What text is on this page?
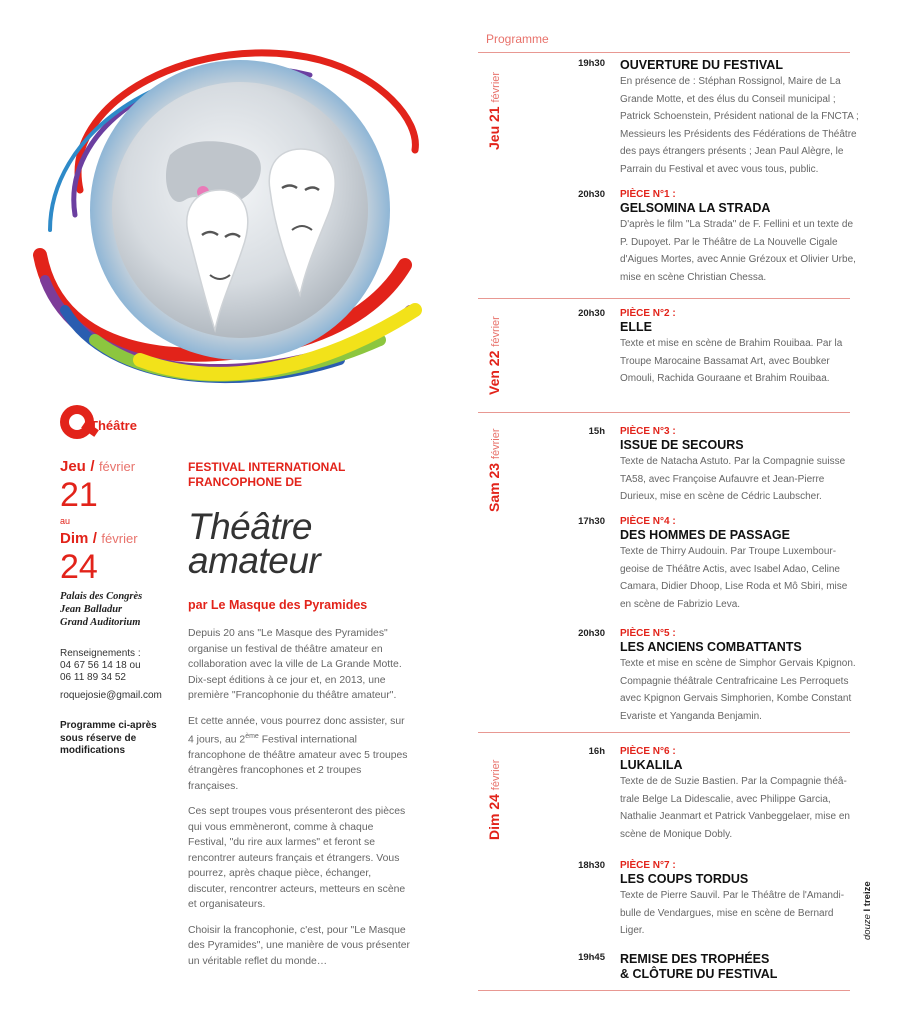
Théâtre
Jeu / février
21
au
Dim / février
24
Palais des Congrès
Jean Balladur
Grand Auditorium
Renseignements :
04 67 56 14 18 ou
06 11 89 34 52
roquejosie@gmail.com
Programme ci-après
sous réserve de
modifications
FESTIVAL INTERNATIONAL
FRANCOPHONE DE
Théâtre
amateur
par Le Masque des Pyramides

Depuis 20 ans "Le Masque des Pyramides" organise un festival de théâtre amateur en collaboration avec la ville de La Grande Motte. Dix-sept éditions à ce jour et, en 2013, une première "Francophonie du théâtre amateur".

Et cette année, vous pourrez donc assister, sur 4 jours, au 2ème Festival international francophone de théâtre amateur avec 5 troupes étrangères francophones et 2 troupes françaises.

Ces sept troupes vous présenteront des pièces qui vous emmèneront, comme à chaque Festival, "du rire aux larmes" et feront se rencontrer auteurs français et étrangers. Vous pourrez, après chaque pièce, échanger, discuter, rencontrer acteurs, metteurs en scène et organisateurs.

Choisir la francophonie, c'est, pour "Le Masque des Pyramides", une manière de vous présenter un véritable reflet du monde…

Programme
Jeu 21 février
Ven 22 février
Sam 23 février
Dim 24 février
19h30 OUVERTURE DU FESTIVAL
En présence de : Stéphan Rossignol, Maire de La Grande Motte, et des élus du Conseil municipal ; Patrick Schoenstein, Président national de la FNCTA ; Messieurs les Présidents des Fédérations de Théâtre des pays étrangers présents ; Jean Paul Alègre, le Parrain du Festival et avec vous tous, public.
20h30 PIÈCE N°1 :
GELSOMINA LA STRADA
D'après le film "La Strada" de F. Fellini et un texte de P. Dupoyet. Par le Théâtre de La Nouvelle Cigale d'Aigues Mortes, avec Annie Grézoux et Olivier Urbe, mise en scène Christian Chessa.
20h30 PIÈCE N°2 :
ELLE
Texte et mise en scène de Brahim Rouibaa. Par la Troupe Marocaine Bassamat Art, avec Boubker Omouli, Rachida Gouraane et Brahim Rouibaa.
15h PIÈCE N°3 :
ISSUE DE SECOURS
Texte de Natacha Astuto. Par la Compagnie suisse TA58, avec Françoise Aufauvre et Jean-Pierre Durieux, mise en scène de Cédric Laubscher.
17h30 PIÈCE N°4 :
DES HOMMES DE PASSAGE
Texte de Thirry Audouin. Par Troupe Luxembour-geoise de Théâtre Actis, avec Isabel Adao, Celine Camara, Didier Dhoop, Lise Roda et Mô Sbiri, mise en scène de Fabrizio Leva.
20h30 PIÈCE N°5 :
LES ANCIENS COMBATTANTS
Texte et mise en scène de Simphor Gervais Kpignon. Compagnie théâtrale Centrafricaine Les Perroquets avec Kpignon Gervais Simphorien, Kombe Constant Evariste et Yanganda Benjamin.
16h PIÈCE N°6 :
LUKALILA
Texte de de Suzie Bastien. Par la Compagnie théâ-trale Belge La Didescalie, avec Philippe Garcia, Nathalie Jeanmart et Patrick Vanbeggelaer, mise en scène de Monique Dobly.
18h30 PIÈCE N°7 :
LES COUPS TORDUS
Texte de Pierre Sauvil. Par le Théâtre de l'Amandi-bulle de Vendargues, mise en scène de Bernard Liger.
19h45 REMISE DES TROPHÉES
& CLÔTURE DU FESTIVAL
douze I treize
